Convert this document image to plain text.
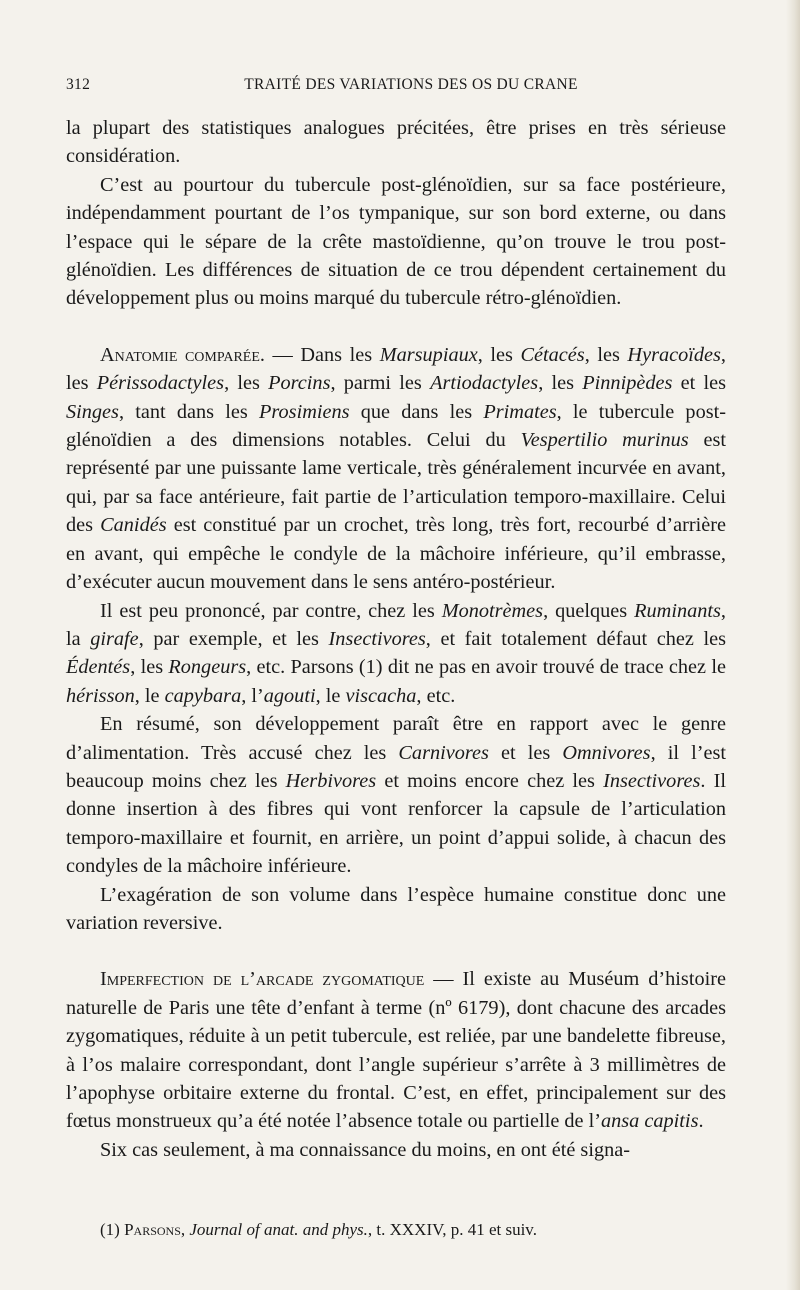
312	TRAITÉ DES VARIATIONS DES OS DU CRANE

la plupart des statistiques analogues précitées, être prises en très sérieuse considération.

C’est au pourtour du tubercule post-glénoïdien, sur sa face postérieure, indépendamment pourtant de l’os tympanique, sur son bord externe, ou dans l’espace qui le sépare de la crête mastoïdienne, qu’on trouve le trou post-glénoïdien. Les différences de situation de ce trou dépendent certainement du développement plus ou moins marqué du tubercule rétro-glénoïdien.

Anatomie comparée. — Dans les Marsupiaux, les Cétacés, les Hyracoïdes, les Périssodactyles, les Porcins, parmi les Artiodactyles, les Pinnipèdes et les Singes, tant dans les Prosimiens que dans les Primates, le tubercule post-glénoïdien a des dimensions notables. Celui du Vespertilio murinus est représenté par une puissante lame verticale, très généralement incurvée en avant, qui, par sa face antérieure, fait partie de l’articulation temporo-maxillaire. Celui des Canidés est constitué par un crochet, très long, très fort, recourbé d’arrière en avant, qui empêche le condyle de la mâchoire inférieure, qu’il embrasse, d’exécuter aucun mouvement dans le sens antéro-postérieur.

Il est peu prononcé, par contre, chez les Monotrèmes, quelques Ruminants, la girafe, par exemple, et les Insectivores, et fait totalement défaut chez les Édentés, les Rongeurs, etc. Parsons (1) dit ne pas en avoir trouvé de trace chez le hérisson, le capybara, l’agouti, le viscacha, etc.

En résumé, son développement paraît être en rapport avec le genre d’alimentation. Très accusé chez les Carnivores et les Omnivores, il l’est beaucoup moins chez les Herbivores et moins encore chez les Insectivores. Il donne insertion à des fibres qui vont renforcer la capsule de l’articulation temporo-maxillaire et fournit, en arrière, un point d’appui solide, à chacun des condyles de la mâchoire inférieure.

L’exagération de son volume dans l’espèce humaine constitue donc une variation reversive.

Imperfection de l’arcade zygomatique — Il existe au Muséum d’histoire naturelle de Paris une tête d’enfant à terme (nº 6179), dont chacune des arcades zygomatiques, réduite à un petit tubercule, est reliée, par une bandelette fibreuse, à l’os malaire correspondant, dont l’angle supérieur s’arrête à 3 millimètres de l’apophyse orbitaire externe du frontal. C’est, en effet, principalement sur des fœtus monstrueux qu’a été notée l’absence totale ou partielle de l’ansa capitis.

Six cas seulement, à ma connaissance du moins, en ont été signa-

(1) Parsons, Journal of anat. and phys., t. XXXIV, p. 41 et suiv.
